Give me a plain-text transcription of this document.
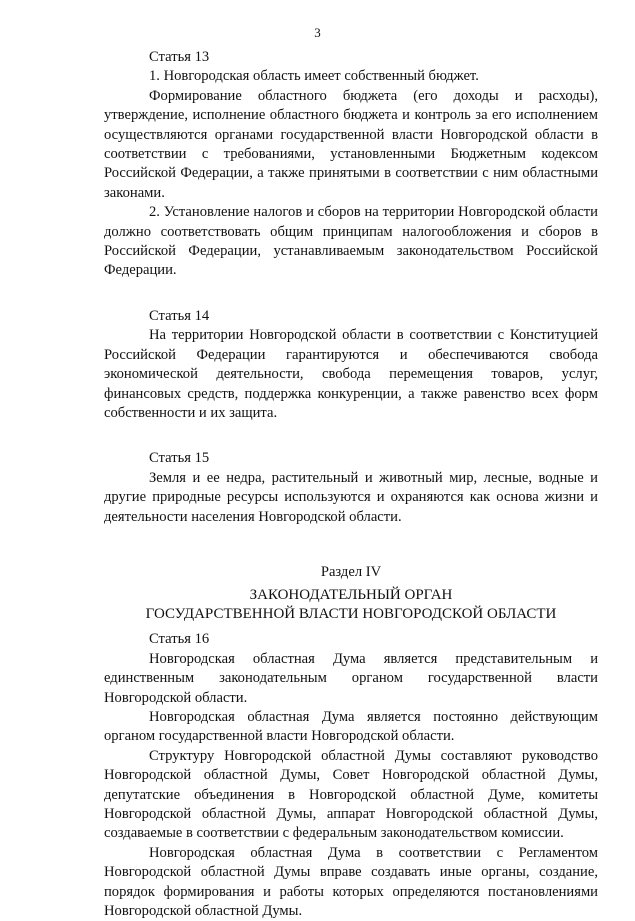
3

Статья 13

1. Новгородская область имеет собственный бюджет.

Формирование областного бюджета (его доходы и расходы), утверждение, исполнение областного бюджета и контроль за его исполнением осуществляются органами государственной власти Новгородской области в соответствии с требованиями, установленными Бюджетным кодексом Российской Федерации, а также принятыми в соответствии с ним областными законами.

2. Установление налогов и сборов на территории Новгородской области должно соответствовать общим принципам налогообложения и сборов в Российской Федерации, устанавливаемым законодательством Российской Федерации.

Статья 14

На территории Новгородской области в соответствии с Конституцией Российской Федерации гарантируются и обеспечиваются свобода экономической деятельности, свобода перемещения товаров, услуг, финансовых средств, поддержка конкуренции, а также равенство всех форм собственности и их защита.

Статья 15

Земля и ее недра, растительный и животный мир, лесные, водные и другие природные ресурсы используются и охраняются как основа жизни и деятельности населения Новгородской области.

Раздел IV

ЗАКОНОДАТЕЛЬНЫЙ ОРГАН

ГОСУДАРСТВЕННОЙ ВЛАСТИ НОВГОРОДСКОЙ ОБЛАСТИ

Статья 16

Новгородская областная Дума является представительным и единственным законодательным органом государственной власти Новгородской области.

Новгородская областная Дума является постоянно действующим органом государственной власти Новгородской области.

Структуру Новгородской областной Думы составляют руководство Новгородской областной Думы, Совет Новгородской областной Думы, депутатские объединения в Новгородской областной Думе, комитеты Новгородской областной Думы, аппарат Новгородской областной Думы, создаваемые в соответствии с федеральным законодательством комиссии.

Новгородская областная Дума в соответствии с Регламентом Новгородской областной Думы вправе создавать иные органы, создание, порядок формирования и работы которых определяются постановлениями Новгородской областной Думы.
